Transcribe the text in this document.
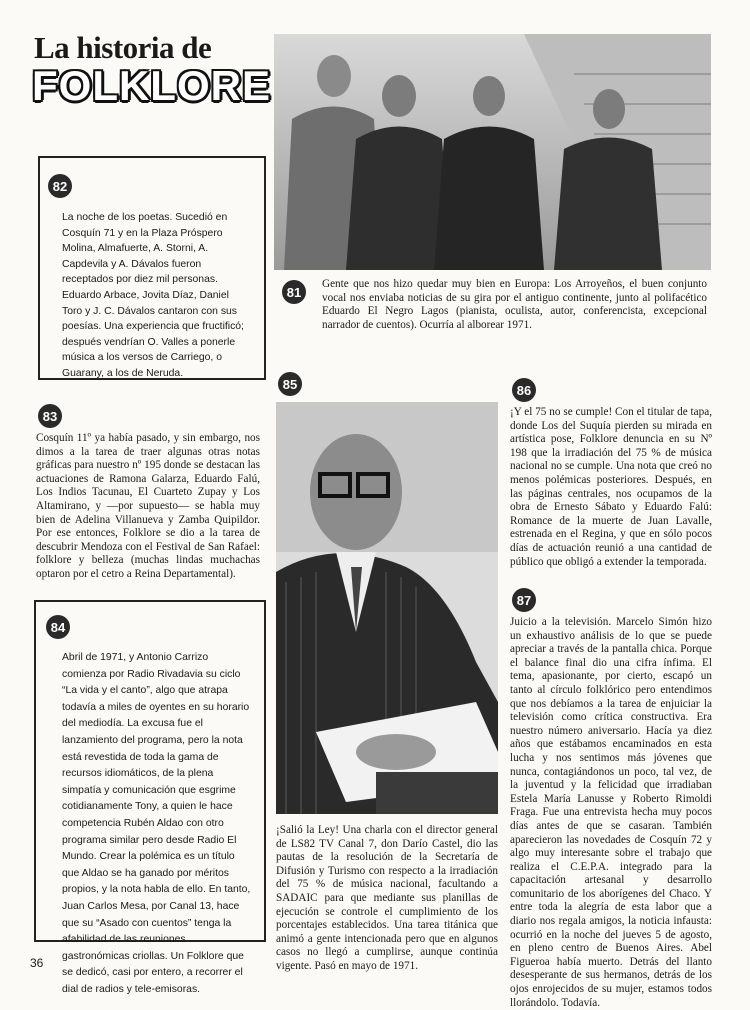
La historia de
FOLKLORE
81
Gente que nos hizo quedar muy bien en Europa: Los Arroyeños, el buen conjunto vocal nos enviaba noticias de su gira por el antiguo continente, junto al polifacético Eduardo El Negro Lagos (pianista, oculista, autor, conferencista, excepcional narrador de cuentos). Ocurría al alborear 1971.
82
La noche de los poetas. Sucedió en Cosquín 71 y en la Plaza Próspero Molina, Almafuerte, A. Storni, A. Capdevila y A. Dávalos fueron receptados por diez mil personas. Eduardo Arbace, Jovita Díaz, Daniel Toro y J. C. Dávalos cantaron con sus poesías. Una experiencia que fructificó; después vendrían O. Valles a ponerle música a los versos de Carriego, o Guarany, a los de Neruda.
83
Cosquín 11º ya había pasado, y sin embargo, nos dimos a la tarea de traer algunas otras notas gráficas para nuestro nº 195 donde se destacan las actuaciones de Ramona Galarza, Eduardo Falú, Los Indios Tacunau, El Cuarteto Zupay y Los Altamirano, y —por supuesto— se habla muy bien de Adelina Villanueva y Zamba Quipildor. Por ese entonces, Folklore se dio a la tarea de descubrir Mendoza con el Festival de San Rafael: folklore y belleza (muchas lindas muchachas optaron por el cetro a Reina Departamental).
84
Abril de 1971, y Antonio Carrizo comienza por Radio Rivadavia su ciclo “La vida y el canto”, algo que atrapa todavía a miles de oyentes en su horario del mediodía. La excusa fue el lanzamiento del programa, pero la nota está revestida de toda la gama de recursos idiomáticos, de la plena simpatía y comunicación que esgrime cotidianamente Tony, a quien le hace competencia Rubén Aldao con otro programa similar pero desde Radio El Mundo. Crear la polémica es un título que Aldao se ha ganado por méritos propios, y la nota habla de ello. En tanto, Juan Carlos Mesa, por Canal 13, hace que su “Asado con cuentos” tenga la afabilidad de las reuniones gastronómicas criollas. Un Folklore que se dedicó, casi por entero, a recorrer el dial de radios y tele-emisoras.
85
¡Salió la Ley! Una charla con el director general de LS82 TV Canal 7, don Darío Castel, dio las pautas de la resolución de la Secretaría de Difusión y Turismo con respecto a la irradiación del 75 % de música nacional, facultando a SADAIC para que mediante sus planillas de ejecución se controle el cumplimiento de los porcentajes establecidos. Una tarea titánica que animó a gente intencionada pero que en algunos casos no llegó a cumplirse, aunque continúa vigente. Pasó en mayo de 1971.
86
¡Y el 75 no se cumple! Con el titular de tapa, donde Los del Suquía pierden su mirada en artística pose, Folklore denuncia en su Nº 198 que la irradiación del 75 % de música nacional no se cumple. Una nota que creó no menos polémicas posteriores. Después, en las páginas centrales, nos ocupamos de la obra de Ernesto Sábato y Eduardo Falú: Romance de la muerte de Juan Lavalle, estrenada en el Regina, y que en sólo pocos días de actuación reunió a una cantidad de público que obligó a extender la temporada.
87
Juicio a la televisión. Marcelo Simón hizo un exhaustivo análisis de lo que se puede apreciar a través de la pantalla chica. Porque el balance final dio una cifra ínfima. El tema, apasionante, por cierto, escapó un tanto al círculo folklórico pero entendimos que nos debíamos a la tarea de enjuiciar la televisión como crítica constructiva. Era nuestro número aniversario. Hacía ya diez años que estábamos encaminados en esta lucha y nos sentimos más jóvenes que nunca, contagiándonos un poco, tal vez, de la juventud y la felicidad que irradiaban Estela María Lanusse y Roberto Rimoldi Fraga. Fue una entrevista hecha muy pocos días antes de que se casaran. También aparecieron las novedades de Cosquín 72 y algo muy interesante sobre el trabajo que realiza el C.E.P.A. integrado para la capacitación artesanal y desarrollo comunitario de los aborígenes del Chaco. Y entre toda la alegría de esta labor que a diario nos regala amigos, la noticia infausta: ocurrió en la noche del jueves 5 de agosto, en pleno centro de Buenos Aires. Abel Figueroa había muerto. Detrás del llanto desesperante de sus hermanos, detrás de los ojos enrojecidos de su mujer, estamos todos llorándolo. Todavía.
36
